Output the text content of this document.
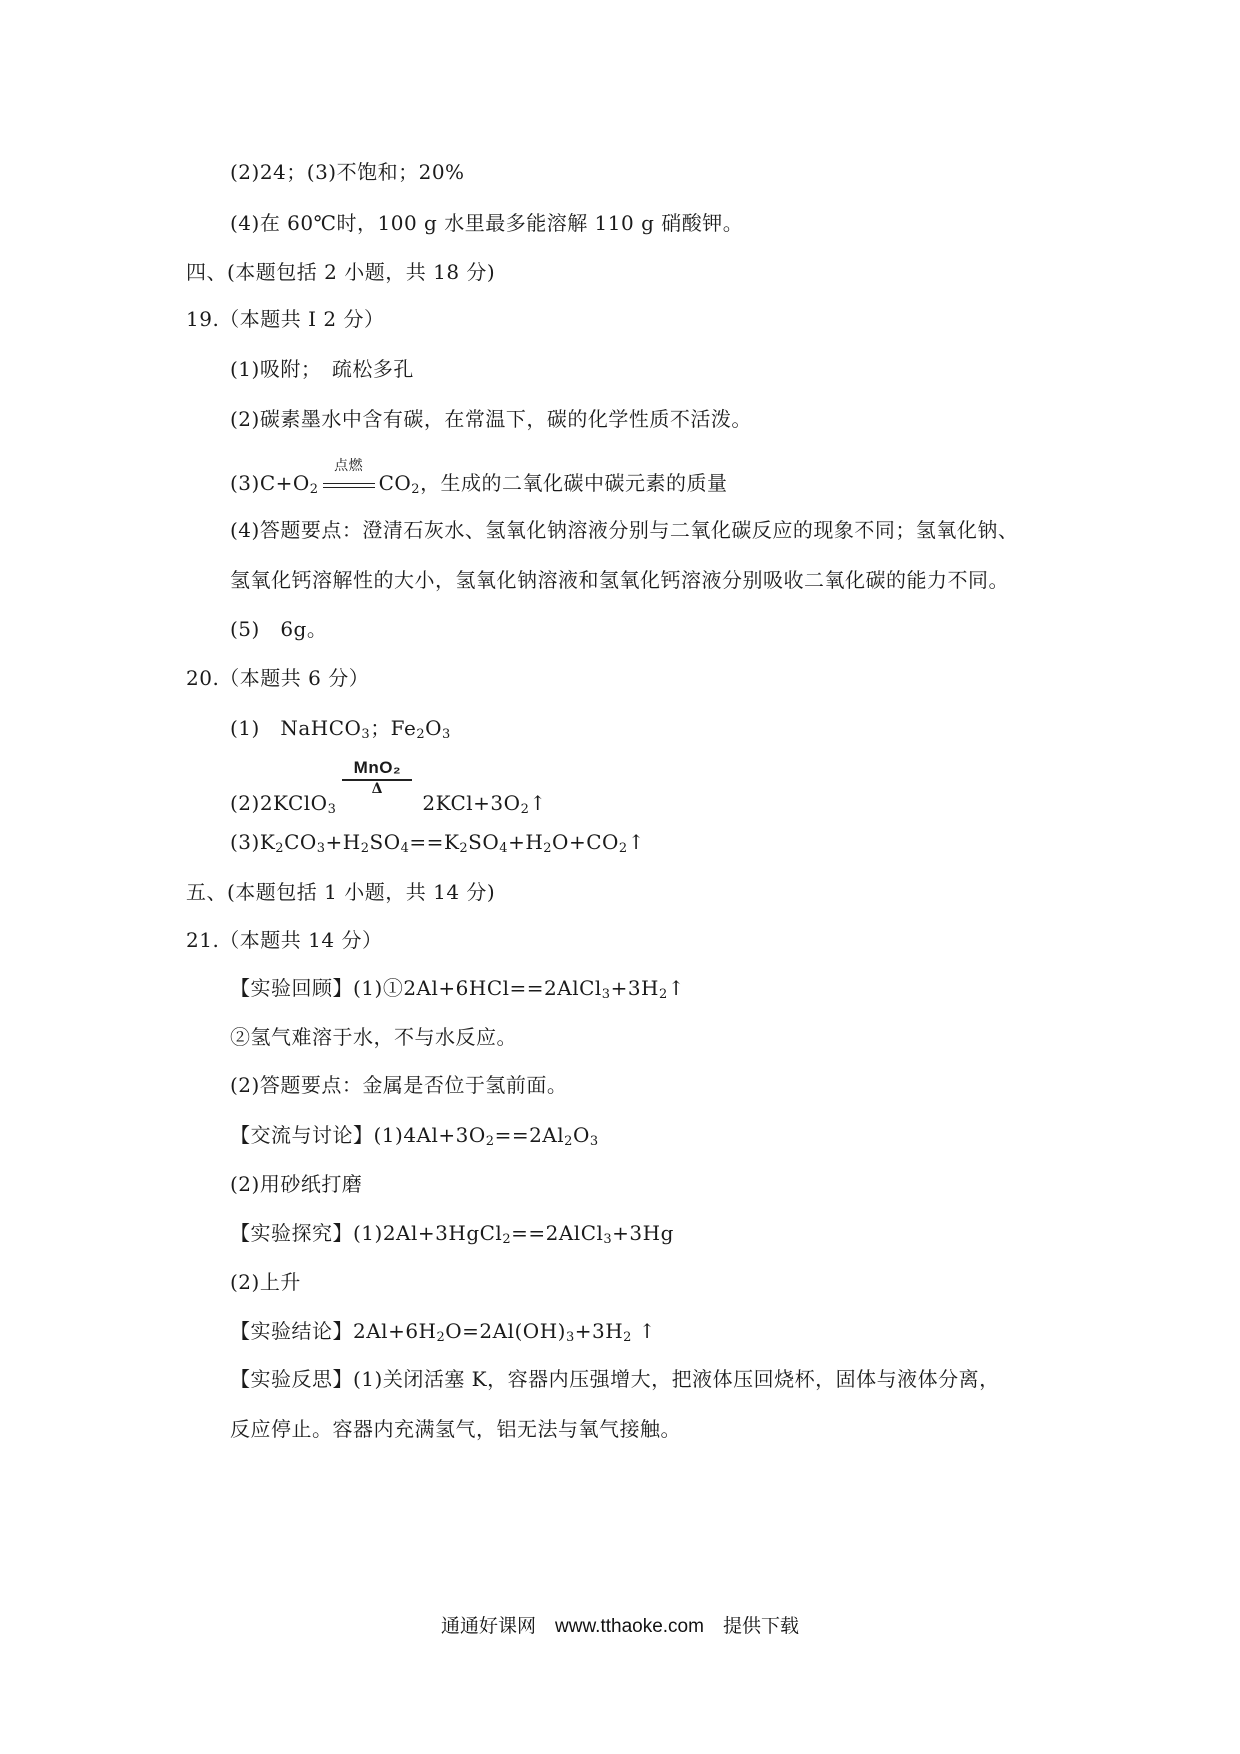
(2)24；(3)不饱和；20%
(4)在 60℃时，100 g 水里最多能溶解 110 g 硝酸钾。
四、(本题包括 2 小题，共 18 分)
19.（本题共 I 2 分）
(1)吸附；　疏松多孔
(2)碳素墨水中含有碳，在常温下，碳的化学性质不活泼。
$(3)C+O_2$
点燃
$CO_2$，生成的二氧化碳中碳元素的质量
(4)答题要点：澄清石灰水、氢氧化钠溶液分别与二氧化碳反应的现象不同；氢氧化钠、
氢氧化钙溶解性的大小，氢氧化钠溶液和氢氧化钙溶液分别吸收二氧化碳的能力不同。
(5)　6g。
20.（本题共 6 分）
(1)　NaHCO$_3$；$Fe_2O_3$
(2)2KClO$_3$
MnO₂
Δ
$2KCl+3O_2↑$
$(3)K_2CO_3+H_2SO_4==K_2SO_4+H_2O+CO_2↑$
五、(本题包括 1 小题，共 14 分)
21.（本题共 14 分）
【实验回顾】$(1)①2Al+6HCl==2AlCl_3+3H_2↑$
②氢气难溶于水，不与水反应。
(2)答题要点：金属是否位于氢前面。
【交流与讨论】$(1)4Al+3O_2==2Al_2O_3$
(2)用砂纸打磨
【实验探究】(1)2Al+3HgCl$_2$==2AlCl$_3$+3Hg
(2)上升
【实验结论】$2Al+6H_2O=2Al(OH)_3+3H_2$ ↑
【实验反思】(1)关闭活塞 K，容器内压强增大，把液体压回烧杯，固体与液体分离，
反应停止。容器内充满氢气，铝无法与氧气接触。
通通好课网　www.tthaoke.com　提供下载
